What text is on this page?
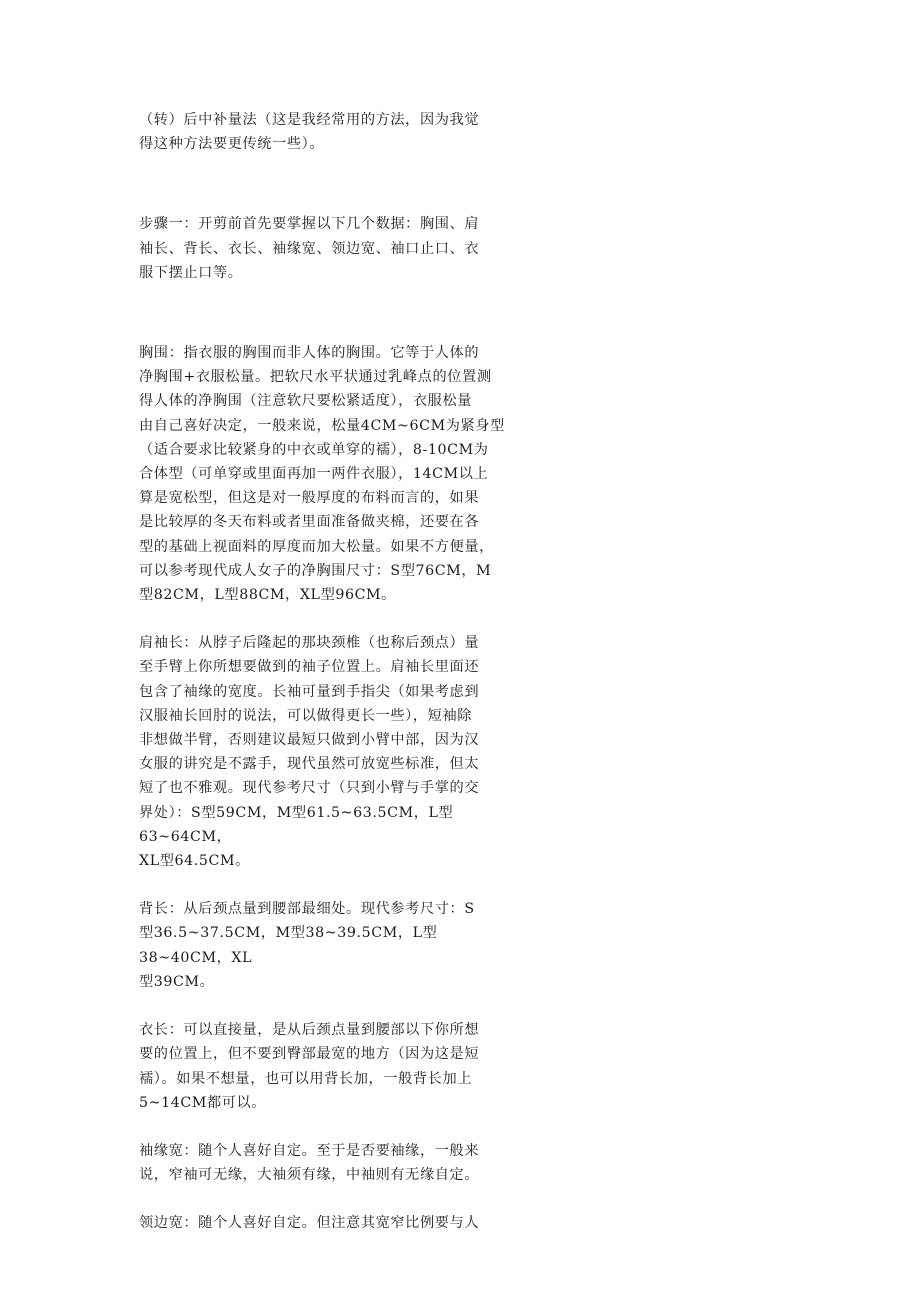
（转）后中补量法（这是我经常用的方法，因为我觉
得这种方法要更传统一些）。

步骤一：开剪前首先要掌握以下几个数据：胸围、肩
袖长、背长、衣长、袖缘宽、领边宽、袖口止口、衣
服下摆止口等。

胸围：指衣服的胸围而非人体的胸围。它等于人体的
净胸围+衣服松量。把软尺水平状通过乳峰点的位置测
得人体的净胸围（注意软尺要松紧适度），衣服松量
由自己喜好决定，一般来说，松量4CM~6CM为紧身型
（适合要求比较紧身的中衣或单穿的襦），8-10CM为
合体型（可单穿或里面再加一两件衣服），14CM以上
算是宽松型，但这是对一般厚度的布料而言的，如果
是比较厚的冬天布料或者里面准备做夹棉，还要在各
型的基础上视面料的厚度而加大松量。如果不方便量，
可以参考现代成人女子的净胸围尺寸：S型76CM，M
型82CM，L型88CM，XL型96CM。

肩袖长：从脖子后隆起的那块颈椎（也称后颈点）量
至手臂上你所想要做到的袖子位置上。肩袖长里面还
包含了袖缘的宽度。长袖可量到手指尖（如果考虑到
汉服袖长回肘的说法，可以做得更长一些），短袖除
非想做半臂，否则建议最短只做到小臂中部，因为汉
女服的讲究是不露手，现代虽然可放宽些标准，但太
短了也不雅观。现代参考尺寸（只到小臂与手掌的交
界处）：S型59CM，M型61.5~63.5CM，L型63~64CM，
XL型64.5CM。

背长：从后颈点量到腰部最细处。现代参考尺寸：S
型36.5~37.5CM，M型38~39.5CM，L型38~40CM，XL
型39CM。

衣长：可以直接量，是从后颈点量到腰部以下你所想
要的位置上，但不要到臀部最宽的地方（因为这是短
襦）。如果不想量，也可以用背长加，一般背长加上
5~14CM都可以。

袖缘宽：随个人喜好自定。至于是否要袖缘，一般来
说，窄袖可无缘，大袖须有缘，中袖则有无缘自定。

领边宽：随个人喜好自定。但注意其宽窄比例要与人
